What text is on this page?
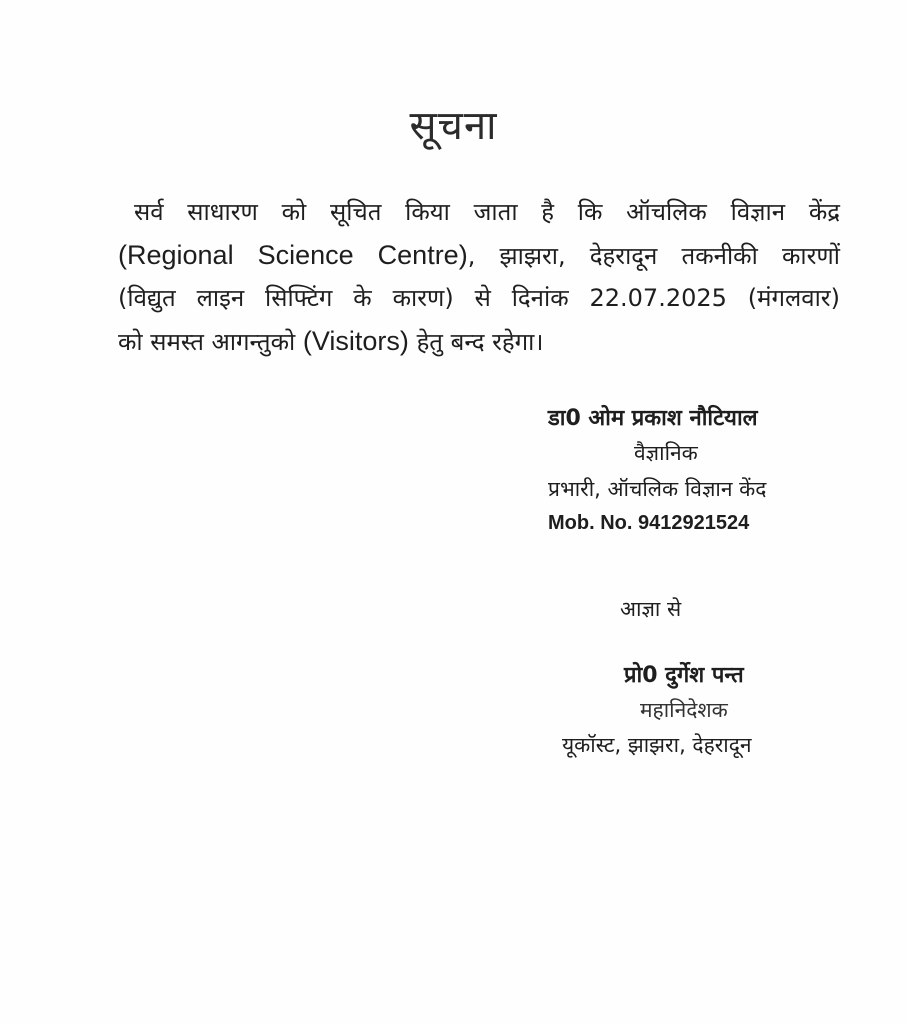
सूचना
सर्व साधारण को सूचित किया जाता है कि ऑचलिक विज्ञान केंद्र
(Regional Science Centre), झाझरा, देहरादून तकनीकी कारणों
(विद्युत लाइन सिफ्टिंग के कारण) से दिनांक 22.07.2025 (मंगलवार)
को समस्त आगन्तुको (Visitors) हेतु बन्द रहेगा।
डा0 ओम प्रकाश नौटियाल
वैज्ञानिक
प्रभारी, ऑचलिक विज्ञान केंद
Mob. No. 9412921524
आज्ञा से
प्रो0 दुर्गेश पन्त
महानिदेशक
यूकॉस्ट, झाझरा, देहरादून
